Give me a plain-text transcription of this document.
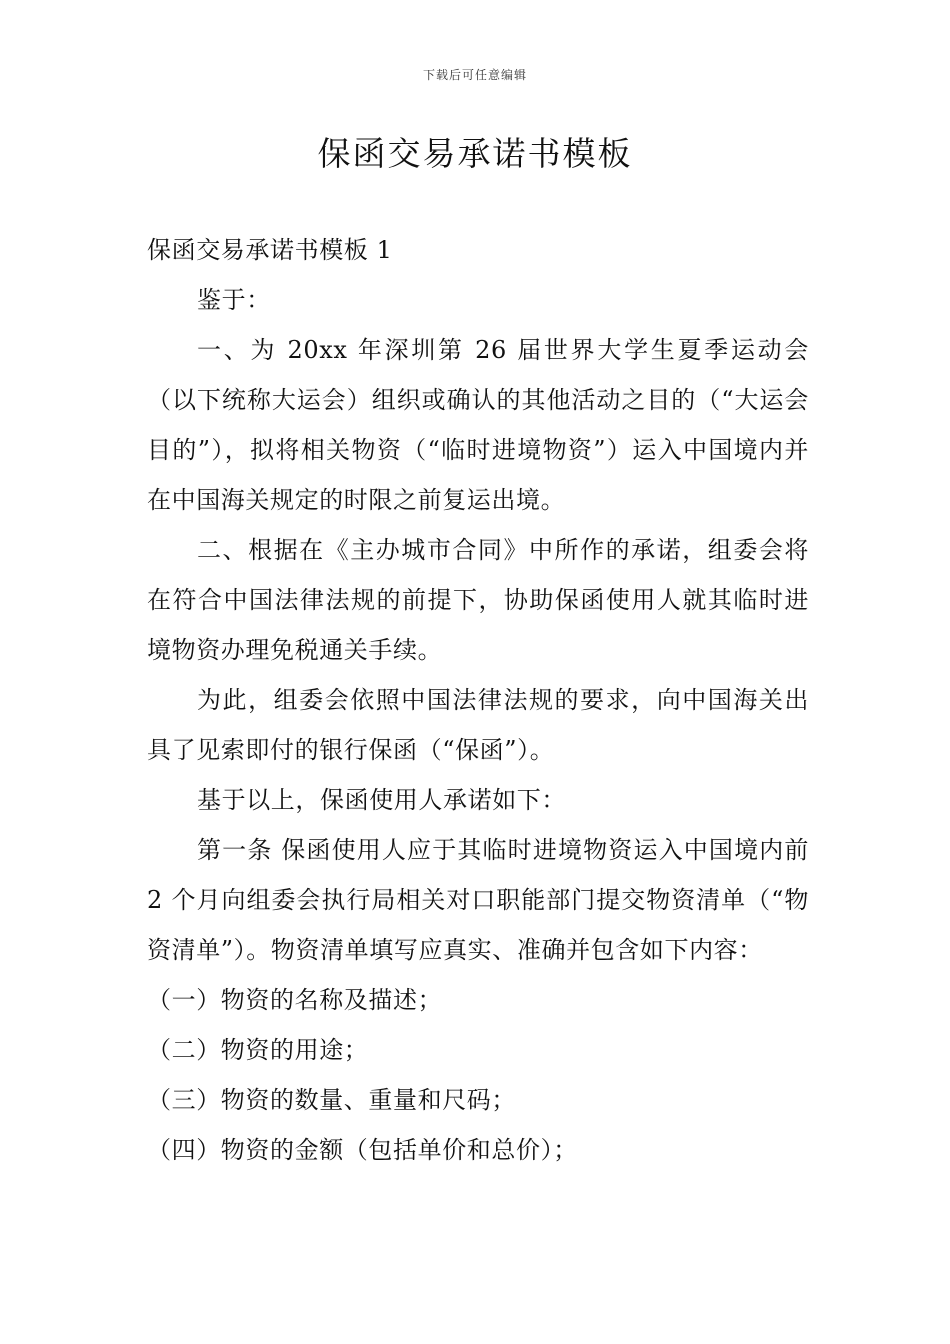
下载后可任意编辑
保函交易承诺书模板

保函交易承诺书模板 1

鉴于：

一、为 20xx 年深圳第 26 届世界大学生夏季运动会（以下统称大运会）组织或确认的其他活动之目的（“大运会目的”），拟将相关物资（“临时进境物资”）运入中国境内并在中国海关规定的时限之前复运出境。

二、根据在《主办城市合同》中所作的承诺，组委会将在符合中国法律法规的前提下，协助保函使用人就其临时进境物资办理免税通关手续。

为此，组委会依照中国法律法规的要求，向中国海关出具了见索即付的银行保函（“保函”）。

基于以上，保函使用人承诺如下：

第一条 保函使用人应于其临时进境物资运入中国境内前 2 个月向组委会执行局相关对口职能部门提交物资清单（“物资清单”）。物资清单填写应真实、准确并包含如下内容：

（一）物资的名称及描述；

（二）物资的用途；

（三）物资的数量、重量和尺码；

（四）物资的金额（包括单价和总价）；
